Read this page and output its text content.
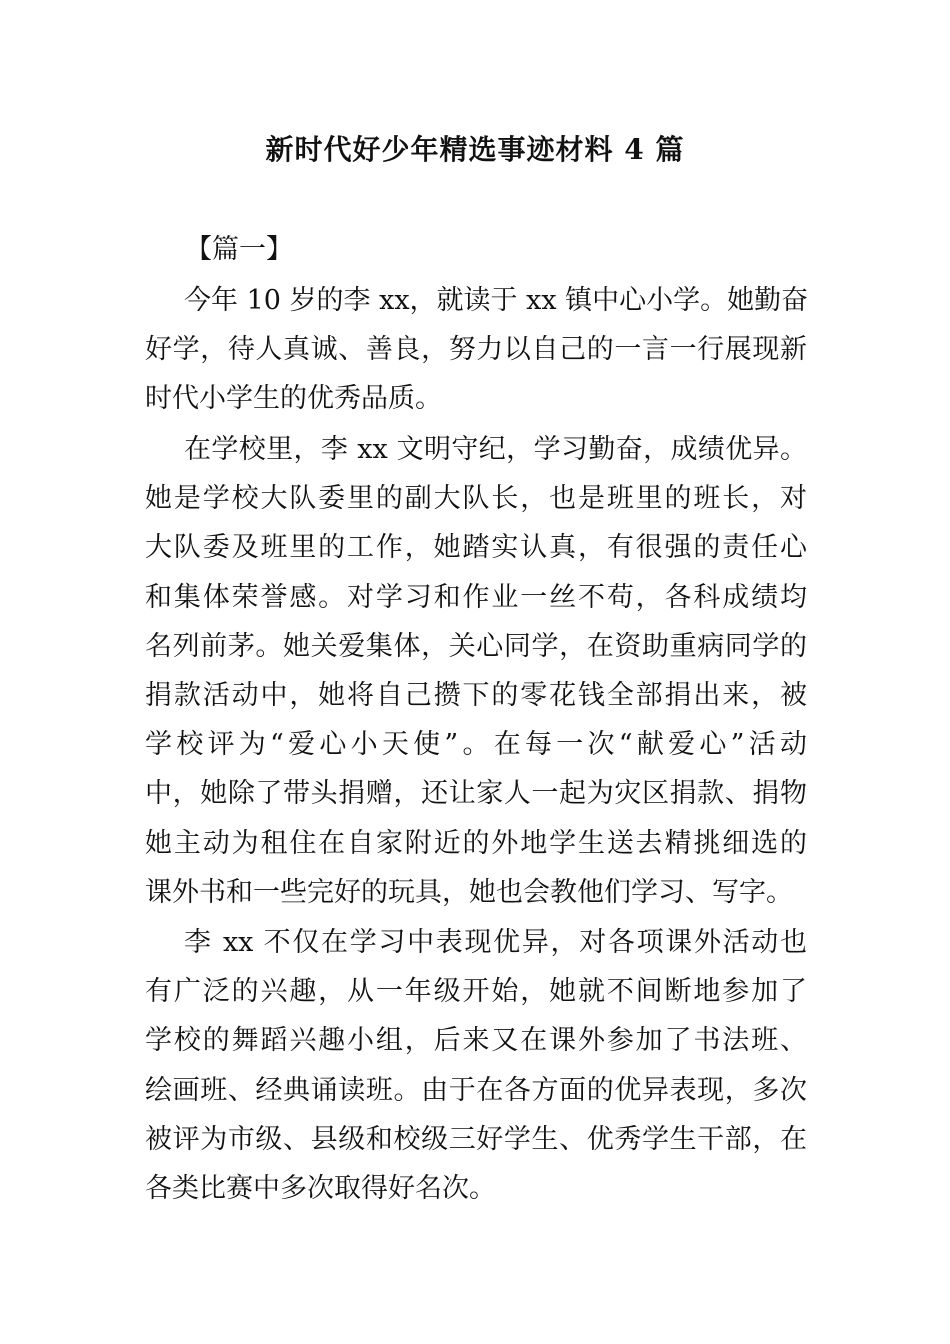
新时代好少年精选事迹材料 4 篇
【篇一】
今年 10 岁的李 xx，就读于 xx 镇中心小学。她勤奋
好学，待人真诚、善良，努力以自己的一言一行展现新
时代小学生的优秀品质。
在学校里，李 xx 文明守纪，学习勤奋，成绩优异。
她是学校大队委里的副大队长，也是班里的班长，对
大队委及班里的工作，她踏实认真，有很强的责任心
和集体荣誉感。对学习和作业一丝不苟，各科成绩均
名列前茅。她关爱集体，关心同学，在资助重病同学的
捐款活动中，她将自己攒下的零花钱全部捐出来，被
学校评为“爱心小天使”。在每一次“献爱心”活动
中，她除了带头捐赠，还让家人一起为灾区捐款、捐物
她主动为租住在自家附近的外地学生送去精挑细选的
课外书和一些完好的玩具，她也会教他们学习、写字。
李 xx 不仅在学习中表现优异，对各项课外活动也
有广泛的兴趣，从一年级开始，她就不间断地参加了
学校的舞蹈兴趣小组，后来又在课外参加了书法班、
绘画班、经典诵读班。由于在各方面的优异表现，多次
被评为市级、县级和校级三好学生、优秀学生干部，在
各类比赛中多次取得好名次。
